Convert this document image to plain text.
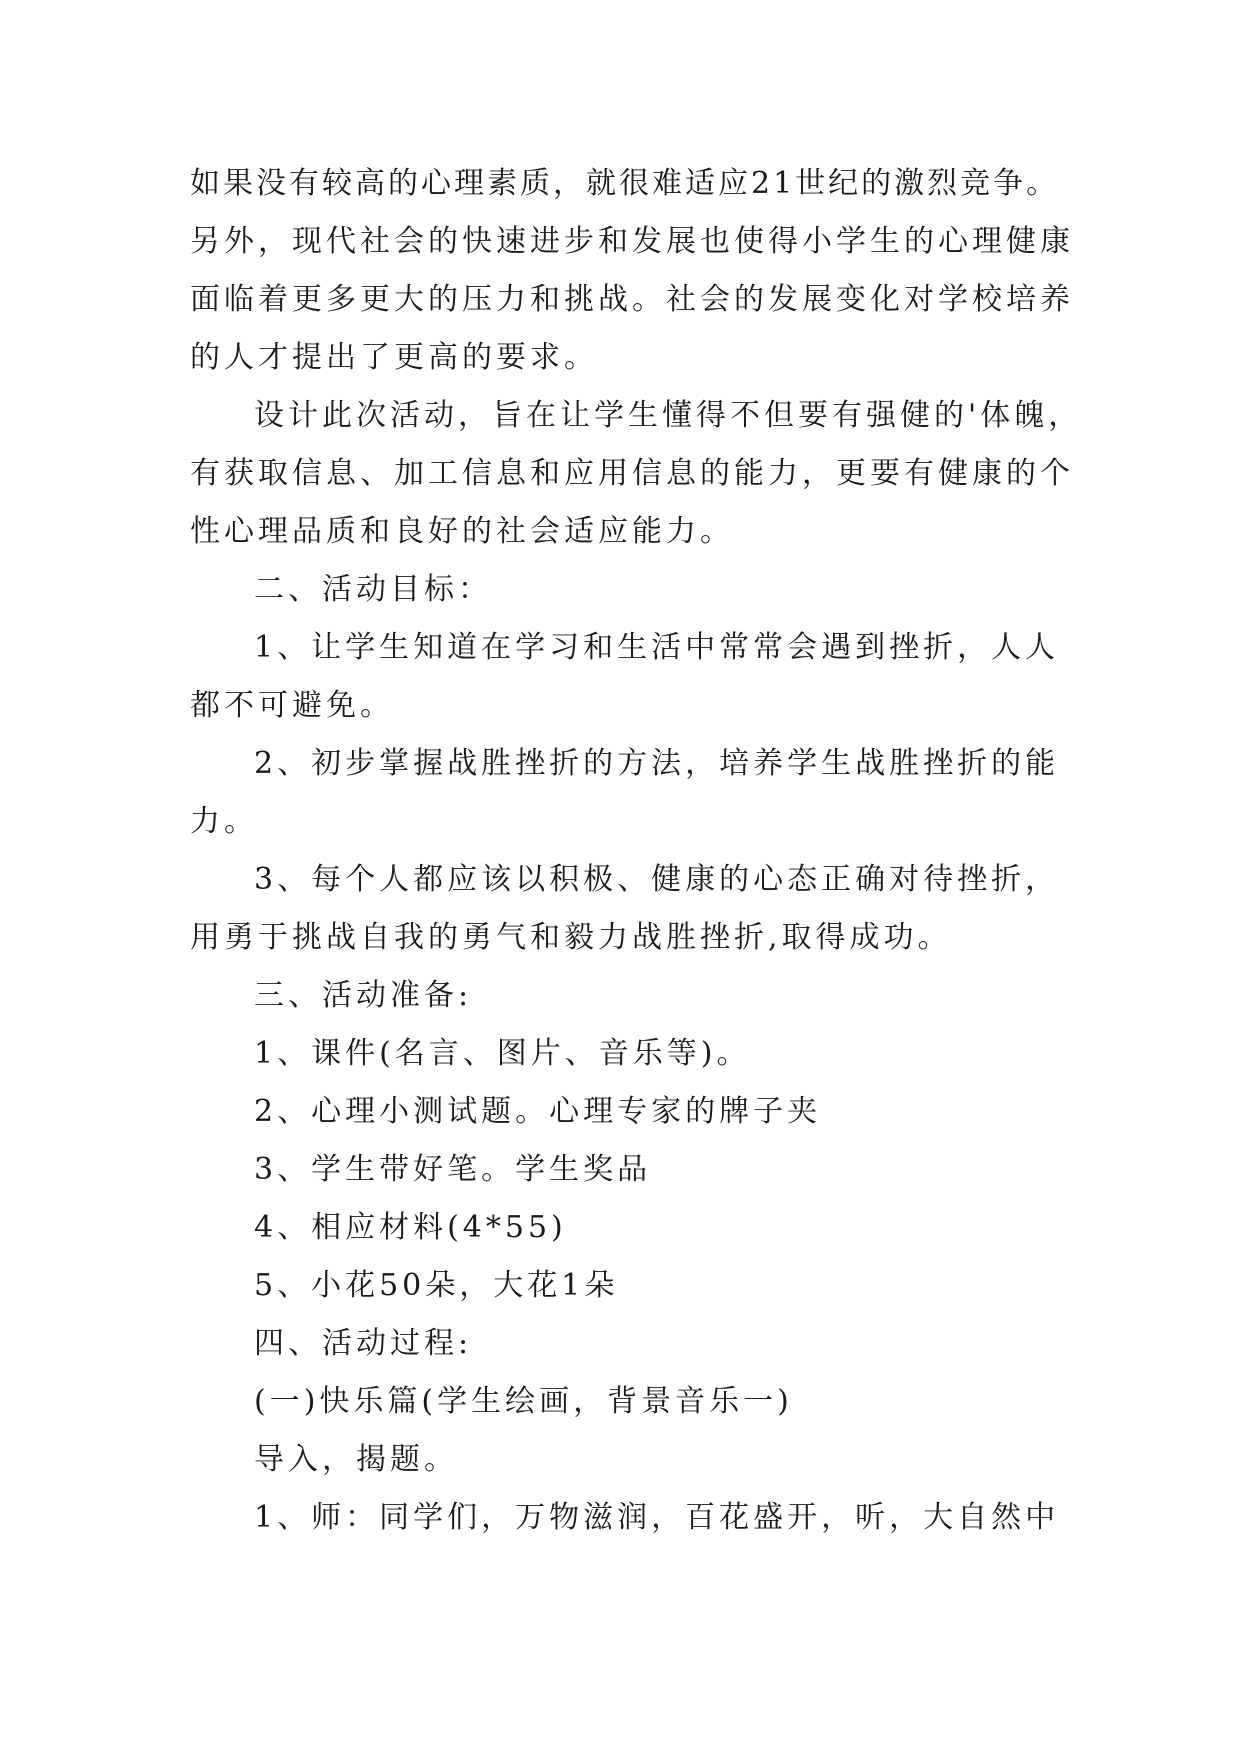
如果没有较高的心理素质，就很难适应21世纪的激烈竞争。
另外，现代社会的快速进步和发展也使得小学生的心理健康
面临着更多更大的压力和挑战。社会的发展变化对学校培养
的人才提出了更高的要求。
设计此次活动，旨在让学生懂得不但要有强健的'体魄，
有获取信息、加工信息和应用信息的能力，更要有健康的个
性心理品质和良好的社会适应能力。
二、活动目标：
1、让学生知道在学习和生活中常常会遇到挫折，人人
都不可避免。
2、初步掌握战胜挫折的方法，培养学生战胜挫折的能
力。
3、每个人都应该以积极、健康的心态正确对待挫折，
用勇于挑战自我的勇气和毅力战胜挫折,取得成功。
三、活动准备:
1、课件(名言、图片、音乐等)。
2、心理小测试题。心理专家的牌子夹
3、学生带好笔。学生奖品
4、相应材料(4*55)
5、小花50朵，大花1朵
四、活动过程:
(一)快乐篇(学生绘画，背景音乐一)
导入，揭题。
1、师：同学们，万物滋润，百花盛开，听，大自然中
